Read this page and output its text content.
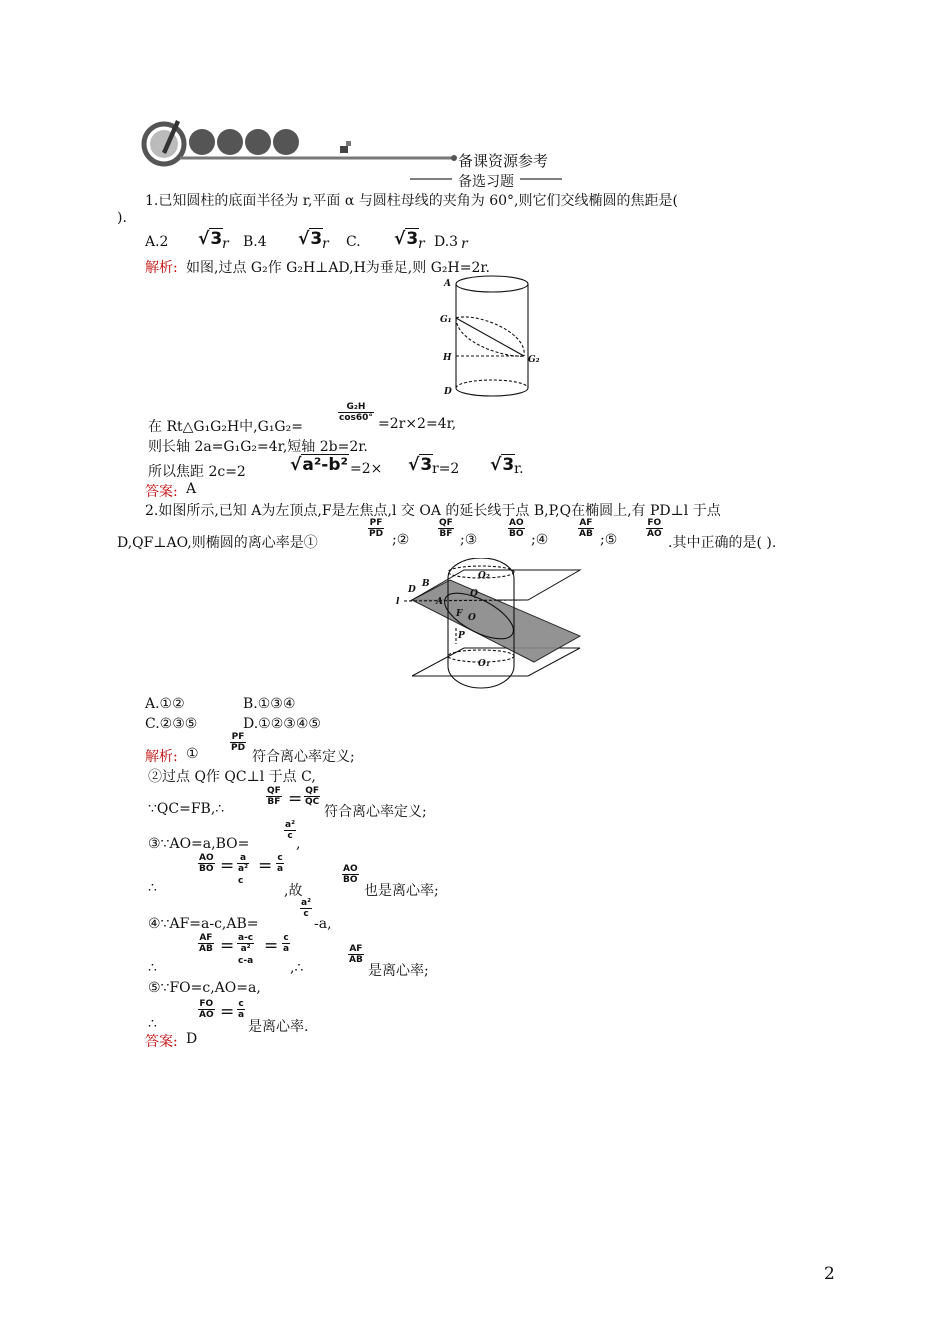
备课资源参考
备选习题
1.已知圆柱的底面半径为 r,平面 α 与圆柱母线的夹角为 60°,则它们交线椭圆的焦距是(
).
A.2 √3 r B.4 √3 r C. √3 r D.3 r
解析: 如图,过点 G₂作 G₂H⊥AD,H为垂足,则 G₂H=2r.
A
G₁
H
D
G₂
在 Rt△G₁G₂H中,G₁G₂=
$\frac{\text{G₂H}}{\cos 60^\circ}$
=2r×2=4r,
则长轴 2a=G₁G₂=4r,短轴 2b=2r.
所以焦距 2c=2	√a²-b² =2× √3 r=2 √3 r.
答案: A
2.如图所示,已知 A为左顶点,F是左焦点,l 交 OA 的延长线于点 B,P,Q在椭圆上,有 PD⊥l 于点
D,QF⊥AO,则椭圆的离心率是①
$\frac{PF}{PD}$
;②
$\frac{QF}{BF}$
;③
$\frac{AO}{BO}$
;④
$\frac{AF}{AB}$
;⑤
$\frac{FO}{AO}$
.其中正确的是( ).
D
B
l	A
F O
Q
P
O₂
O₁
A.①②	B.①③④
C.②③⑤	D.①②③④⑤
解析: ①
$\frac{PF}{PD}$
符合离心率定义;
②过点 Q作 QC⊥l 于点 C,
∵QC=FB,∴
$\frac{QF}{BF} = \frac{QF}{QC}$
符合离心率定义;
③∵AO=a,BO=
$\frac{\text{a²}}{c}$
,
∴
$\frac{AO}{BO} = \frac{a}{\text{a²}}$
c
= $\frac{c}{a}$
,故
$\frac{AO}{BO}$
也是离心率;
④∵AF=a-c,AB=
$\frac{\text{a²}}{c}$
-a,
∴
$\frac{AF}{AB} = \frac{a-c}{\text{a²}}$
c-a
= $\frac{c}{a}$
,∴
$\frac{AF}{AB}$
是离心率;
⑤∵FO=c,AO=a,
∴
$\frac{FO}{AO} = \frac{c}{a}$
是离心率.
答案: D
2
